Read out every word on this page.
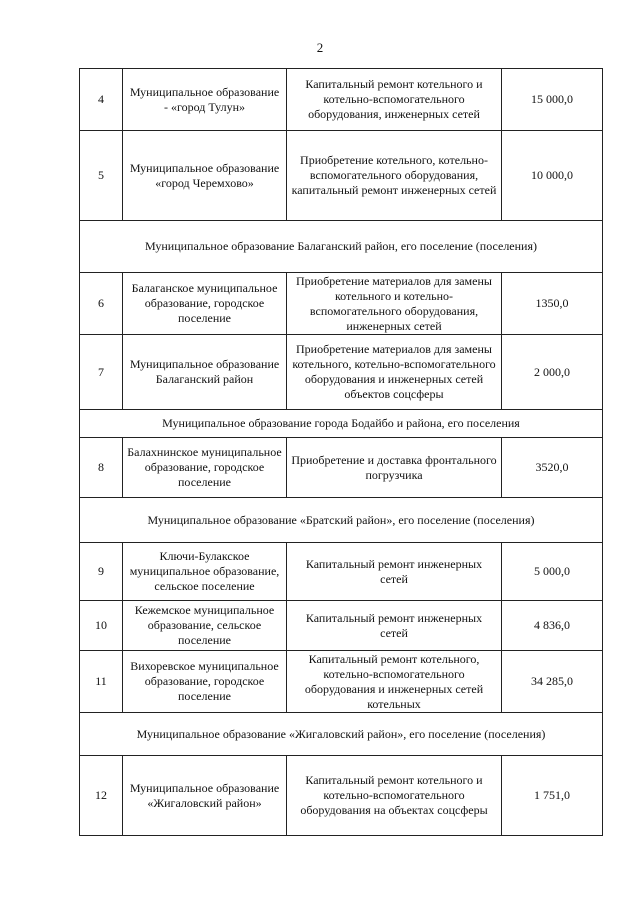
2
4	Муниципальное образование - «город Тулун»	Капитальный ремонт котельного и котельно-вспомогательного оборудования, инженерных сетей	15 000,0
5	Муниципальное образование «город Черемхово»	Приобретение котельного, котельно-вспомогательного оборудования, капитальный ремонт инженерных сетей	10 000,0
Муниципальное образование Балаганский район, его поселение (поселения)			
6	Балаганское муниципальное образование, городское поселение	Приобретение материалов для замены котельного и котельно-вспомогательного оборудования, инженерных сетей	1350,0
7	Муниципальное образование Балаганский район	Приобретение материалов для замены котельного, котельно-вспомогательного оборудования и инженерных сетей объектов соцсферы	2 000,0
Муниципальное образование города Бодайбо и района, его поселения			
8	Балахнинское муниципальное образование, городское поселение	Приобретение и доставка фронтального погрузчика	3520,0
Муниципальное образование «Братский район», его поселение (поселения)			
9	Ключи-Булакское муниципальное образование, сельское поселение	Капитальный ремонт инженерных сетей	5 000,0
10	Кежемское муниципальное образование, сельское поселение	Капитальный ремонт инженерных сетей	4 836,0
11	Вихоревское муниципальное образование, городское поселение	Капитальный ремонт котельного, котельно-вспомогательного оборудования и инженерных сетей котельных	34 285,0
Муниципальное образование «Жигаловский район», его поселение (поселения)			
12	Муниципальное образование «Жигаловский район»	Капитальный ремонт котельного и котельно-вспомогательного оборудования на объектах соцсферы	1 751,0
